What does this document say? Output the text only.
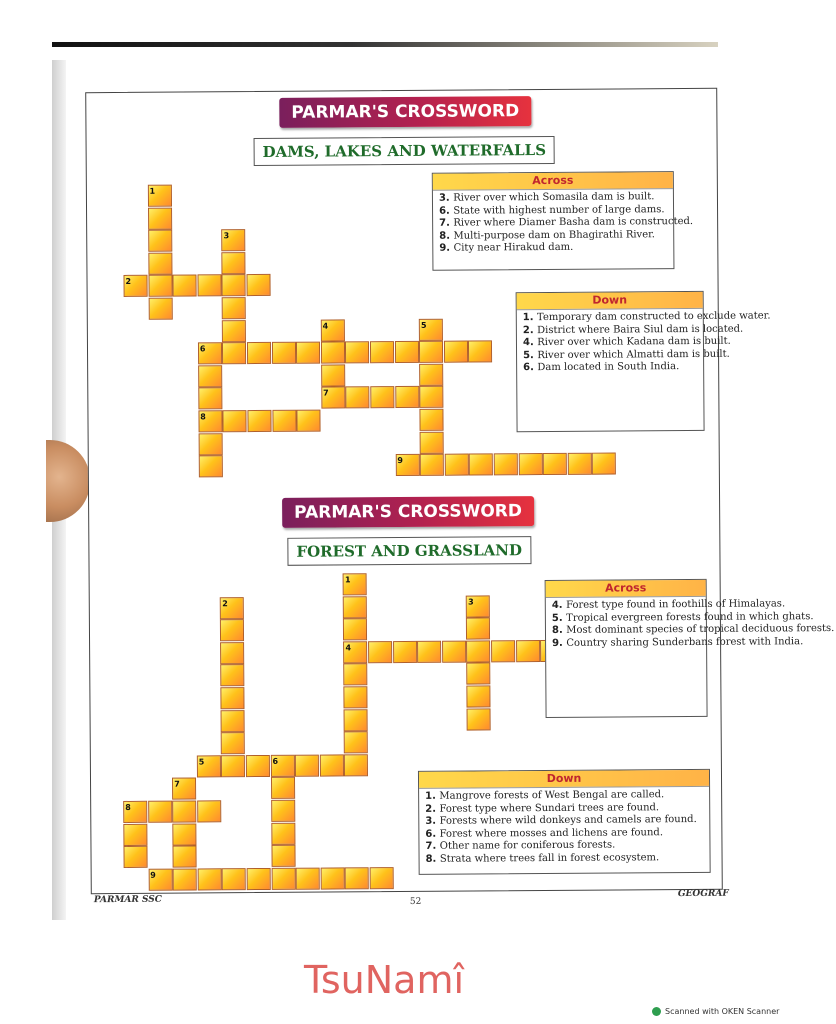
PARMAR'S CROSSWORD
DAMS, LAKES AND WATERFALLS
1
2
3
4	5
6
7
8
9
Across
3. River over which Somasila dam is built.
6. State with highest number of large dams.
7. River where Diamer Basha dam is constructed.
8. Multi-purpose dam on Bhagirathi River.
9. City near Hirakud dam.
Down
1. Temporary dam constructed to exclude water.
2. District where Baira Siul dam is located.
4. River over which Kadana dam is built.
5. River over which Almatti dam is built.
6. Dam located in South India.
PARMAR'S CROSSWORD
FOREST AND GRASSLAND
1
2	3
4
5	6
7
8
9
Across
4. Forest type found in foothills of Himalayas.
5. Tropical evergreen forests found in which ghats.
8. Most dominant species of tropical deciduous forests.
9. Country sharing Sunderbans forest with India.
Down
1. Mangrove forests of West Bengal are called.
2. Forest type where Sundari trees are found.
3. Forests where wild donkeys and camels are found.
6. Forest where mosses and lichens are found.
7. Other name for coniferous forests.
8. Strata where trees fall in forest ecosystem.
PARMAR SSC	52
GEOGRAF
TsuNamî
Scanned with OKEN Scanner
